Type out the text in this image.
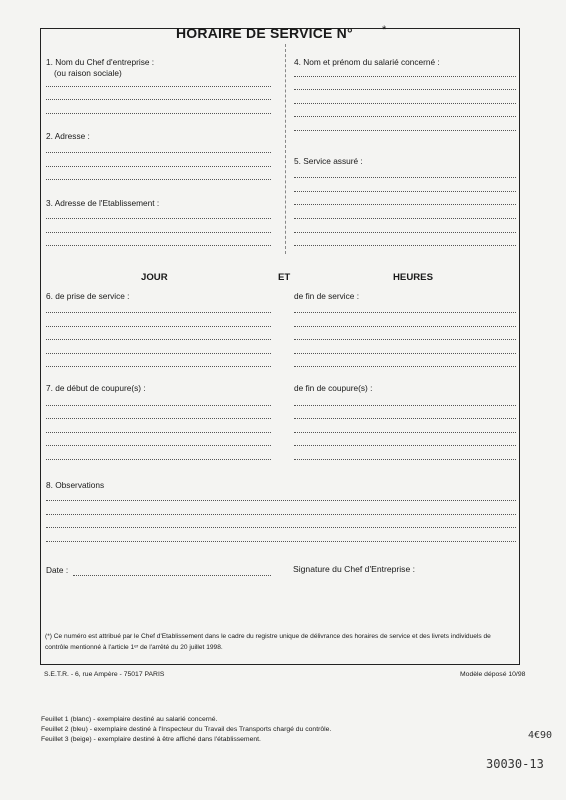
HORAIRE DE SERVICE N°	*
1. Nom du Chef d'entreprise :
(ou raison sociale)
4. Nom et prénom du salarié concerné :
2. Adresse :
5. Service assuré :
3. Adresse de l'Etablissement :
JOUR	ET	HEURES
6. de prise de service :	de fin de service :
7. de début de coupure(s) :	de fin de coupure(s) :
8. Observations
Date :	Signature du Chef d'Entreprise :
(*) Ce numéro est attribué par le Chef d'Etablissement dans le cadre du registre unique de délivrance des horaires de service et des livrets individuels de
contrôle mentionné à l'article 1ᵉʳ de l'arrêté du 20 juillet 1998.
S.E.T.R. - 6, rue Ampère - 75017 PARIS	Modèle déposé 10/98
Feuillet 1 (blanc) - exemplaire destiné au salarié concerné.
Feuillet 2 (bleu) - exemplaire destiné à l'Inspecteur du Travail des Transports chargé du contrôle.
Feuillet 3 (beige) - exemplaire destiné à être affiché dans l'établissement.	4€90
30030-13
